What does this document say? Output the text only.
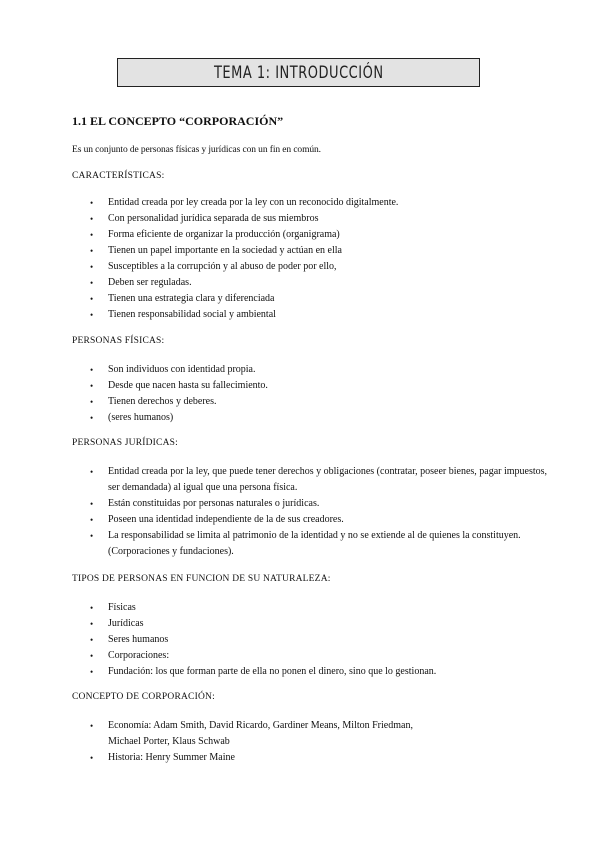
TEMA 1: INTRODUCCIÓN
1.1 EL CONCEPTO “CORPORACIÓN”
Es un conjunto de personas físicas y jurídicas con un fin en común.
CARACTERÍSTICAS:
• Entidad creada por ley creada por la ley con un reconocido digitalmente.
• Con personalidad jurídica separada de sus miembros
• Forma eficiente de organizar la producción (organigrama)
• Tienen un papel importante en la sociedad y actúan en ella
• Susceptibles a la corrupción y al abuso de poder por ello,
• Deben ser reguladas.
• Tienen una estrategia clara y diferenciada
• Tienen responsabilidad social y ambiental
PERSONAS FÍSICAS:
• Son individuos con identidad propia.
• Desde que nacen hasta su fallecimiento.
• Tienen derechos y deberes.
• (seres humanos)
PERSONAS JURÍDICAS:
• Entidad creada por la ley, que puede tener derechos y obligaciones (contratar, poseer bienes, pagar impuestos, ser demandada) al igual que una persona física.
• Están constituidas por personas naturales o jurídicas.
• Poseen una identidad independiente de la de sus creadores.
• La responsabilidad se limita al patrimonio de la identidad y no se extiende al de quienes la constituyen. (Corporaciones y fundaciones).
TIPOS DE PERSONAS EN FUNCION DE SU NATURALEZA:
• Físicas
• Jurídicas
• Seres humanos
• Corporaciones:
• Fundación: los que forman parte de ella no ponen el dinero, sino que lo gestionan.
CONCEPTO DE CORPORACIÓN:
• Economía: Adam Smith, David Ricardo, Gardiner Means, Milton Friedman, Michael Porter, Klaus Schwab
• Historia: Henry Summer Maine
